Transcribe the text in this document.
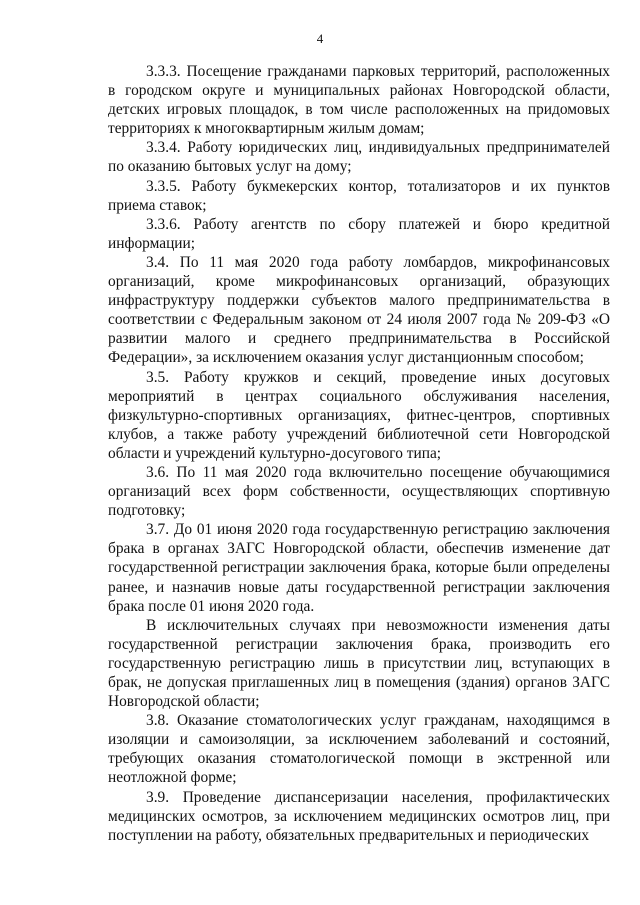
4

3.3.3. Посещение гражданами парковых территорий, расположенных в городском округе и муниципальных районах Новгородской области, детских игровых площадок, в том числе расположенных на придомовых территориях к многоквартирным жилым домам;

3.3.4. Работу юридических лиц, индивидуальных предпринимателей по оказанию бытовых услуг на дому;

3.3.5. Работу букмекерских контор, тотализаторов и их пунктов приема ставок;

3.3.6. Работу агентств по сбору платежей и бюро кредитной информации;

3.4. По 11 мая 2020 года работу ломбардов, микрофинансовых организаций, кроме микрофинансовых организаций, образующих инфраструктуру поддержки субъектов малого предпринимательства в соответствии с Федеральным законом от 24 июля 2007 года № 209-ФЗ «О развитии малого и среднего предпринимательства в Российской Федерации», за исключением оказания услуг дистанционным способом;

3.5. Работу кружков и секций, проведение иных досуговых мероприятий в центрах социального обслуживания населения, физкультурно-спортивных организациях, фитнес-центров, спортивных клубов, а также работу учреждений библиотечной сети Новгородской области и учреждений культурно-досугового типа;

3.6. По 11 мая 2020 года включительно посещение обучающимися организаций всех форм собственности, осуществляющих спортивную подготовку;

3.7. До 01 июня 2020 года государственную регистрацию заключения брака в органах ЗАГС Новгородской области, обеспечив изменение дат государственной регистрации заключения брака, которые были определены ранее, и назначив новые даты государственной регистрации заключения брака после 01 июня 2020 года.

В исключительных случаях при невозможности изменения даты государственной регистрации заключения брака, производить его государственную регистрацию лишь в присутствии лиц, вступающих в брак, не допуская приглашенных лиц в помещения (здания) органов ЗАГС Новгородской области;

3.8. Оказание стоматологических услуг гражданам, находящимся в изоляции и самоизоляции, за исключением заболеваний и состояний, требующих оказания стоматологической помощи в экстренной или неотложной форме;

3.9. Проведение диспансеризации населения, профилактических медицинских осмотров, за исключением медицинских осмотров лиц, при поступлении на работу, обязательных предварительных и периодических
